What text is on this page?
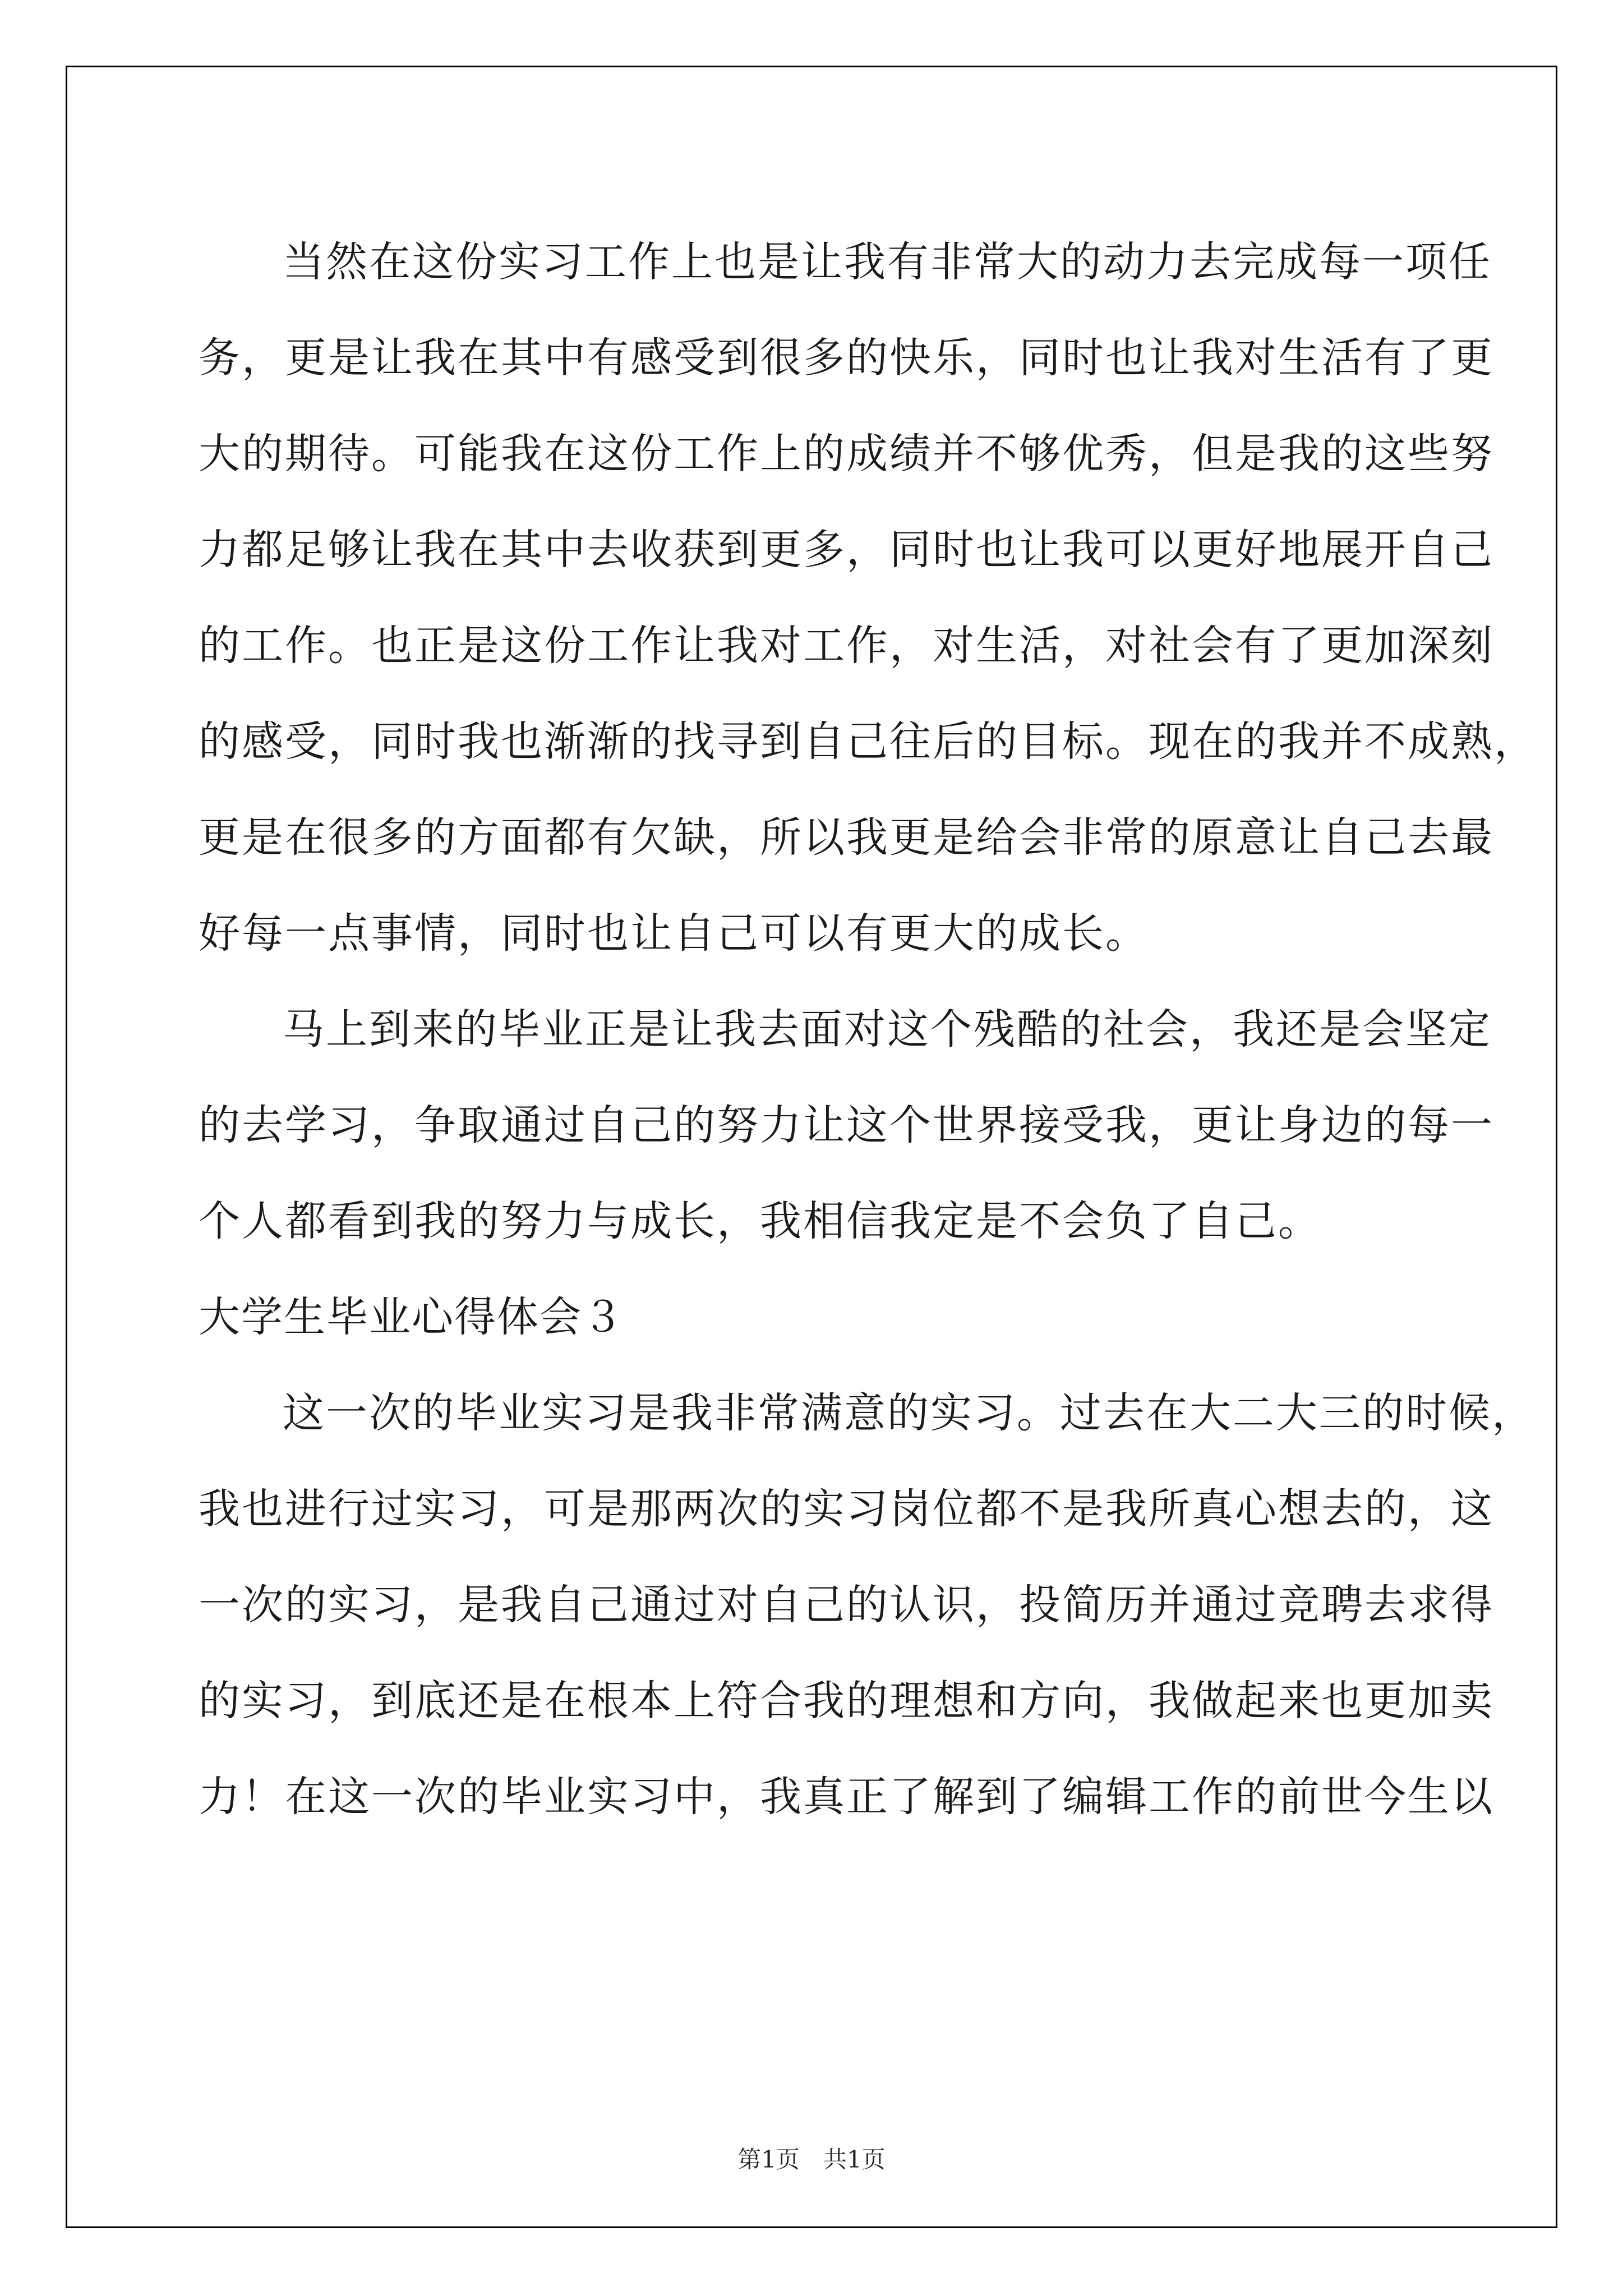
当然在这份实习工作上也是让我有非常大的动力去完成每一项任
务，更是让我在其中有感受到很多的快乐，同时也让我对生活有了更
大的期待。可能我在这份工作上的成绩并不够优秀，但是我的这些努
力都足够让我在其中去收获到更多，同时也让我可以更好地展开自己
的工作。也正是这份工作让我对工作，对生活，对社会有了更加深刻
的感受，同时我也渐渐的找寻到自己往后的目标。现在的我并不成熟，
更是在很多的方面都有欠缺，所以我更是给会非常的原意让自己去最
好每一点事情，同时也让自己可以有更大的成长。
马上到来的毕业正是让我去面对这个残酷的社会，我还是会坚定
的去学习，争取通过自己的努力让这个世界接受我，更让身边的每一
个人都看到我的努力与成长，我相信我定是不会负了自己。
大学生毕业心得体会３
这一次的毕业实习是我非常满意的实习。过去在大二大三的时候，
我也进行过实习，可是那两次的实习岗位都不是我所真心想去的，这
一次的实习，是我自己通过对自己的认识，投简历并通过竞聘去求得
的实习，到底还是在根本上符合我的理想和方向，我做起来也更加卖
力！在这一次的毕业实习中，我真正了解到了编辑工作的前世今生以
第1页　共1页
